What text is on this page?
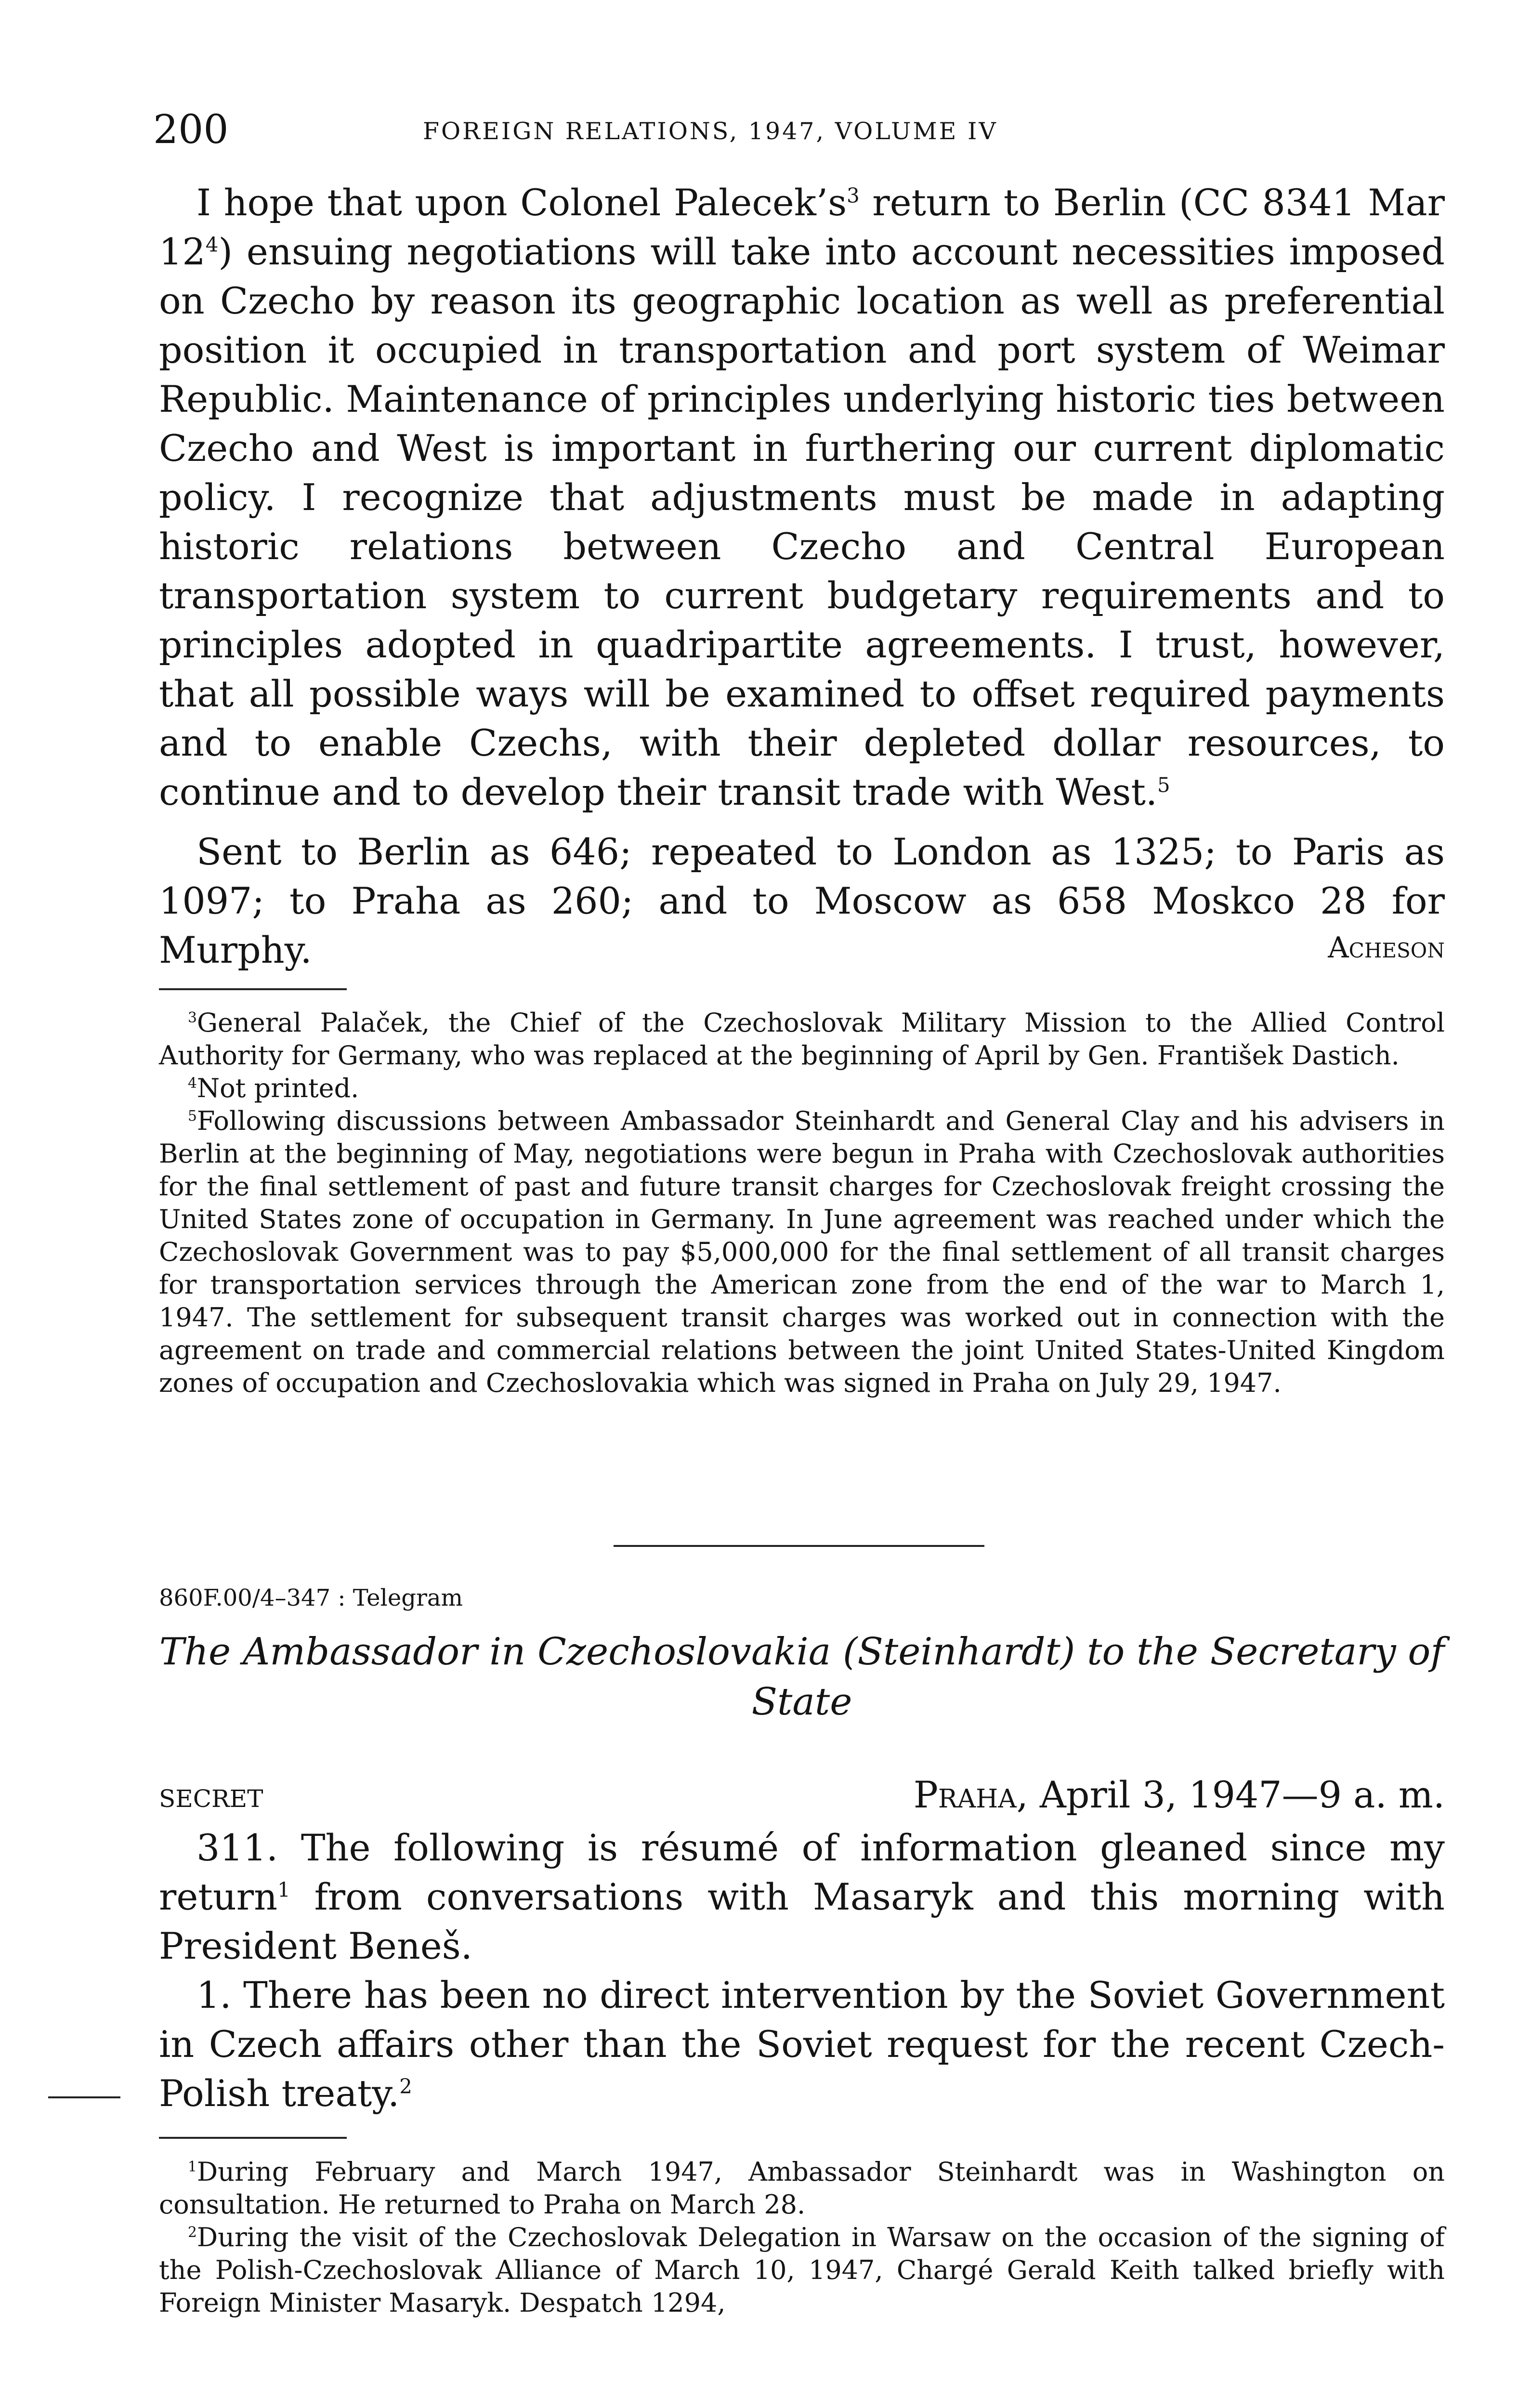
200	FOREIGN RELATIONS, 1947, VOLUME IV

I hope that upon Colonel $Palecek’s^3$ return to Berlin (CC 8341 Mar $12^4$) ensuing negotiations will take into account necessities imposed on Czecho by reason its geographic location as well as preferential position it occupied in transportation and port system of Weimar Republic. Maintenance of principles underlying historic ties between Czecho and West is important in furthering our current diplomatic policy. I recognize that adjustments must be made in adapting historic relations between Czecho and Central European transportation system to current budgetary requirements and to principles adopted in quadripartite agreements. I trust, however, that all possible ways will be examined to offset required payments and to enable Czechs, with their depleted dollar resources, to continue and to develop their transit trade with West.$^5$

Sent to Berlin as 646; repeated to London as 1325; to Paris as 1097; to Praha as 260; and to Moscow as 658 Moskco 28 for Murphy.	Acheson

$^3$General Palaček, the Chief of the Czechoslovak Military Mission to the Allied Control Authority for Germany, who was replaced at the beginning of April by Gen. František Dastich.

$^4$Not printed.

$^5$Following discussions between Ambassador Steinhardt and General Clay and his advisers in Berlin at the beginning of May, negotiations were begun in Praha with Czechoslovak authorities for the final settlement of past and future transit charges for Czechoslovak freight crossing the United States zone of occupation in Germany. In June agreement was reached under which the Czechoslovak Government was to pay $5,000,000 for the final settlement of all transit charges for transportation services through the American zone from the end of the war to March 1, 1947. The settlement for subsequent transit charges was worked out in connection with the agreement on trade and commercial relations between the joint United States-United Kingdom zones of occupation and Czechoslovakia which was signed in Praha on July 29, 1947.

860F.00/4–347 : Telegram
The Ambassador in Czechoslovakia (Steinhardt) to the Secretary of State
SECRET	Praha, April 3, 1947—9 a. m.

311. The following is résumé of information gleaned since my return$^1$ from conversations with Masaryk and this morning with President Beneš.

1. There has been no direct intervention by the Soviet Government in Czech affairs other than the Soviet request for the recent Czech-Polish treaty.$^2$

$^1$During February and March 1947, Ambassador Steinhardt was in Washington on consultation. He returned to Praha on March 28.

$^2$During the visit of the Czechoslovak Delegation in Warsaw on the occasion of the signing of the Polish-Czechoslovak Alliance of March 10, 1947, Chargé Gerald Keith talked briefly with Foreign Minister Masaryk. Despatch 1294,
